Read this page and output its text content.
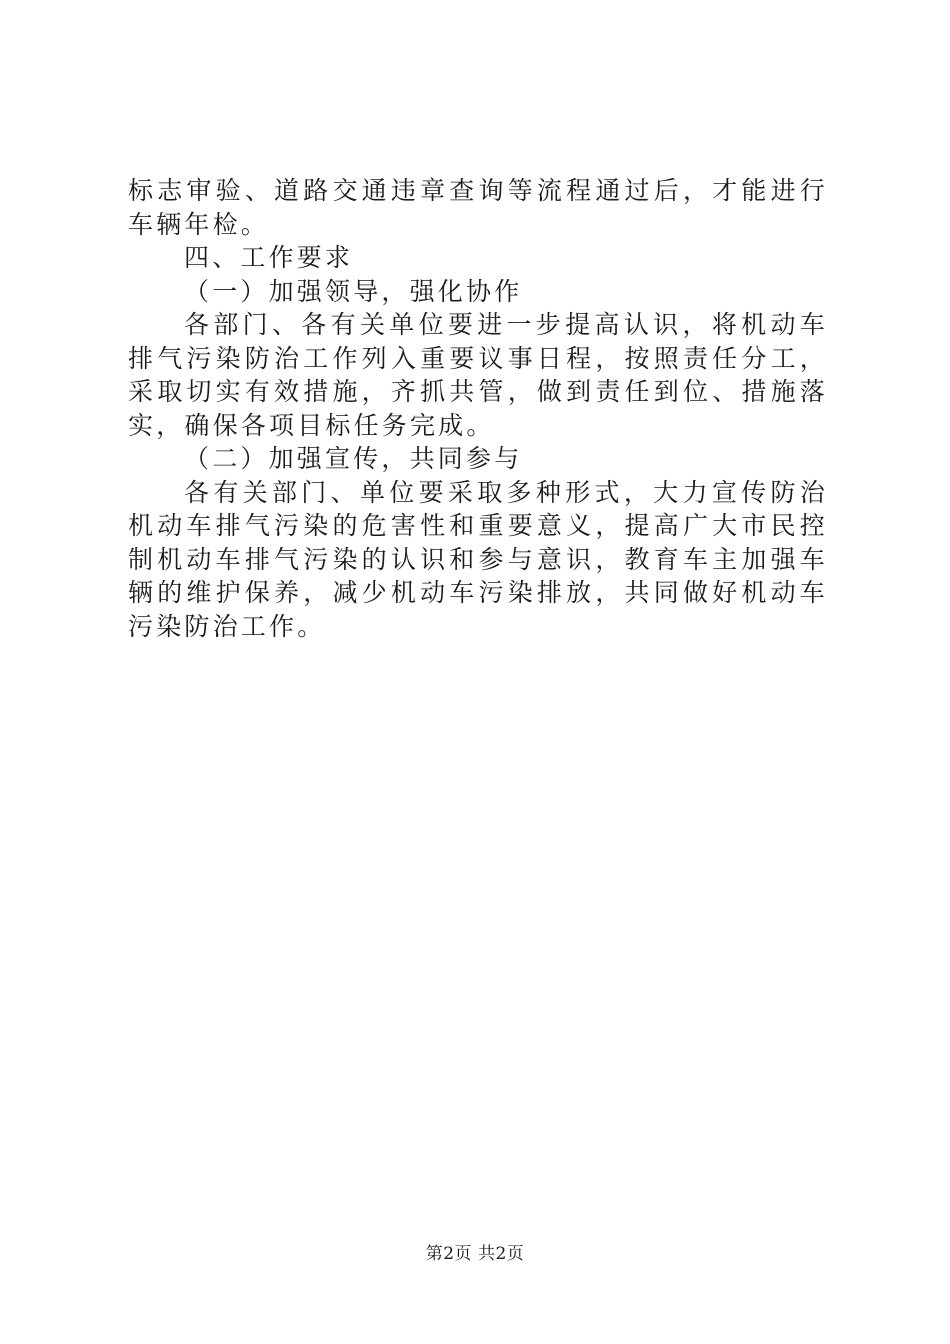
标志审验、道路交通违章查询等流程通过后，才能进行车辆年检。

四、工作要求

（一）加强领导，强化协作

各部门、各有关单位要进一步提高认识，将机动车排气污染防治工作列入重要议事日程，按照责任分工，采取切实有效措施，齐抓共管，做到责任到位、措施落实，确保各项目标任务完成。

（二）加强宣传，共同参与

各有关部门、单位要采取多种形式，大力宣传防治机动车排气污染的危害性和重要意义，提高广大市民控制机动车排气污染的认识和参与意识，教育车主加强车辆的维护保养，减少机动车污染排放，共同做好机动车污染防治工作。

第2页 共2页
